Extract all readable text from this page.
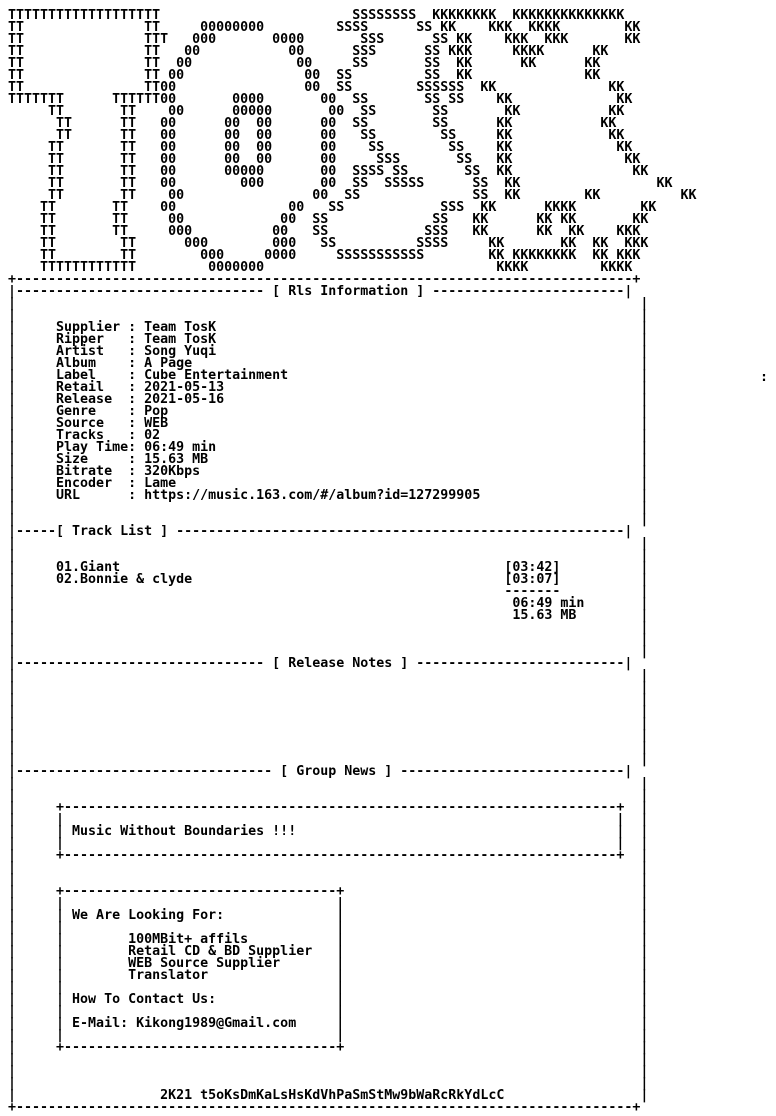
TTTTTTTTTTTTTTTTTTT                        SSSSSSSS  KKKKKKKK  KKKKKKKKKKKKKK
TT               TT     00000000         SSSS      SS KK    KKK  KKKK        KK
TT               TTT   000       0000       SSS      SS KK    KKK  KKK       KK
TT               TT   00           00      SSS      SS KKK     KKKK      KK
TT               TT  00             00     SS       SS  KK      KK      KK
TT               TT 00               00  SS         SS  KK              KK
TT               TT00                00  SS        SSSSSS  KK              KK
TTTTTTT      TTTTTT00       0000       00  SS       SS SS    KK             KK
TT       TT    00      00000       00  SS       SS       KK           KK
TT      TT   00      00  00      00  SS        SS      KK           KK
TT      TT   00      00  00      00   SS        SS     KK            KK
TT       TT   00      00  00      00    SS        SS    KK             KK
TT       TT   00      00  00      00     SSS       SS   KK              KK
TT       TT   00      00000       00  SSSS SS       SS  KK               KK
TT       TT   00        000       00  SS  SSSSS      SS  KK                 KK
TT       TT    00                00  SS              SS  KK        KK          KK
TT       TT    00              00   SS            SSS  KK      KKKK        KK
TT       TT     00            00  SS             SS   KK      KK KK       KK
TT       TT     000          00   SS            SSS   KK      KK  KK    KKK
TT        TT      000        000   SS          SSSS     KK       KK  KK  KKK
TT        TT        000     0000     SSSSSSSSSSS        KK KKKKKKKK  KK KKK
TTTTTTTTTTTT         0000000                             KKKK         KKKK
+-----------------------------------------------------------------------------+
|------------------------------- [ Rls Information ] ------------------------|
|                                                                              |
|                                                                              |
|     Supplier : Team TosK                                                     |
|     Ripper   : Team TosK                                                     |
|     Artist   : Song Yuqi                                                     |
|     Album    : A Page                                                        |
|     Label    : Cube Entertainment                                            |
|     Retail   : 2021-05-13                                                    |
|     Release  : 2021-05-16                                                    |
|     Genre    : Pop                                                           |
|     Source   : WEB                                                           |
|     Tracks   : 02                                                            |
|     Play Time: 06:49 min                                                     |
|     Size     : 15.63 MB                                                      |
|     Bitrate  : 320Kbps                                                       |
|     Encoder  : Lame                                                          |
|     URL      : https://music.163.com/#/album?id=127299905                    |
|                                                                              |
|                                                                              |
|-----[ Track List ] --------------------------------------------------------|
|                                                                              |
|                                                                              |
|     01.Giant                                                [03:42]          |
|     02.Bonnie & clyde                                       [03:07]          |
|                                                             -------          |
|                                                              06:49 min       |
|                                                              15.63 MB        |
|                                                                              |
|                                                                              |
|                                                                              |
|------------------------------- [ Release Notes ] --------------------------|
|                                                                              |
|                                                                              |
|                                                                              |
|                                                                              |
|                                                                              |
|                                                                              |
|                                                                              |
|                                                                              |
|-------------------------------- [ Group News ] ----------------------------|
|                                                                              |
|                                                                              |
|     +---------------------------------------------------------------------+  |
|     |                                                                     |  |
|     | Music Without Boundaries !!!                                        |  |
|     |                                                                     |  |
|     +---------------------------------------------------------------------+  |
|                                                                              |
|                                                                              |
|     +----------------------------------+                                     |
|     |                                  |                                     |
|     | We Are Looking For:              |                                     |
|     |                                  |                                     |
|     |        100MBit+ affils           |                                     |
|     |        Retail CD & BD Supplier   |                                     |
|     |        WEB Source Supplier       |                                     |
|     |        Translator                |                                     |
|     |                                  |                                     |
|     | How To Contact Us:               |                                     |
|     |                                  |                                     |
|     | E-Mail: Kikong1989@Gmail.com     |                                     |
|     |                                  |                                     |
|     +----------------------------------+                                     |
|                                                                              |
|                                                                              |
|                                                                              |
|                  2K21 t5oKsDmKaLsHsKdVhPaSmStMw9bWaRcRkYdLcC                 |
+-----------------------------------------------------------------------------+

:
